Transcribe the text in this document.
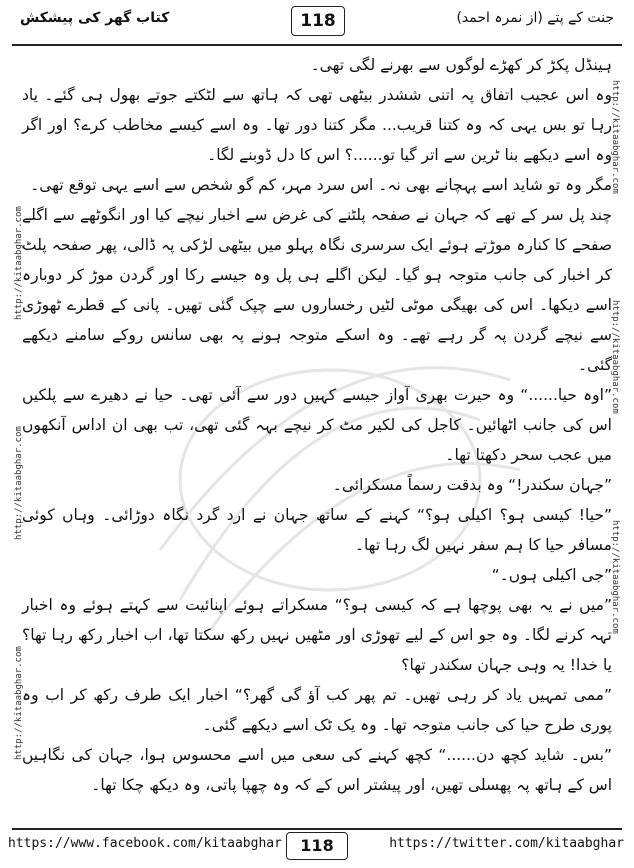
کتاب گھر کی پیشکش	118	جنت کے پتے (از نمرہ احمد)
http://kitaabghar.com
http://kitaabghar.com
http://kitaabghar.com
http://kitaabghar.com
http://kitaabghar.com
http://kitaabghar.com

ہینڈل پکڑ کر کھڑے لوگوں سے بھرنے لگی تھی۔

وہ اس عجیب اتفاق پہ اتنی ششدر بیٹھی تھی کہ ہاتھ سے لٹکتے جوتے بھول ہی گئے۔ یاد رہا تو بس یہی کہ وہ کتنا قریب... مگر کتنا دور تھا۔ وہ اسے کیسے مخاطب کرے؟ اور اگر وہ اسے دیکھے بنا ٹرین سے اتر گیا تو......؟ اس کا دل ڈوبنے لگا۔

مگر وہ تو شاید اسے پہچانے بھی نہ۔ اس سرد مہر، کم گو شخص سے اسے یہی توقع تھی۔

چند پل سر کے تھے کہ جہان نے صفحہ پلٹنے کی غرض سے اخبار نیچے کیا اور انگوٹھے سے اگلے صفحے کا کنارہ موڑتے ہوئے ایک سرسری نگاہ پہلو میں بیٹھی لڑکی پہ ڈالی، پھر صفحہ پلٹ کر اخبار کی جانب متوجہ ہو گیا۔ لیکن اگلے ہی پل وہ جیسے رکا اور گردن موڑ کر دوبارہ اسے دیکھا۔ اس کی بھیگی موٹی لٹیں رخساروں سے چپک گئی تھیں۔ پانی کے قطرے ٹھوڑی سے نیچے گردن پہ گر رہے تھے۔ وہ اسکے متوجہ ہونے پہ بھی سانس روکے سامنے دیکھے گئی۔

”اوہ حیا......“ وہ حیرت بھری آواز جیسے کہیں دور سے آئی تھی۔ حیا نے دھیرے سے پلکیں اس کی جانب اٹھائیں۔ کاجل کی لکیر مٹ کر نیچے بہہ گئی تھی، تب بھی ان اداس آنکھوں میں عجب سحر دکھتا تھا۔

”جہان سکندر!“ وہ بدقت رسماً مسکرائی۔

”حیا! کیسی ہو؟ اکیلی ہو؟“ کہنے کے ساتھ جہان نے ارد گرد نگاہ دوڑائی۔ وہاں کوئی مسافر حیا کا ہم سفر نہیں لگ رہا تھا۔

”جی اکیلی ہوں۔“

”میں نے یہ بھی پوچھا ہے کہ کیسی ہو؟“ مسکراتے ہوئے اپنائیت سے کہتے ہوئے وہ اخبار تہہ کرنے لگا۔ وہ جو اس کے لیے تھوڑی اور مٹھیں نہیں رکھ سکتا تھا، اب اخبار رکھ رہا تھا؟ یا خدا! یہ وہی جہان سکندر تھا؟

”ممی تمہیں یاد کر رہی تھیں۔ تم پھر کب آؤ گی گھر؟“ اخبار ایک طرف رکھ کر اب وہ پوری طرح حیا کی جانب متوجہ تھا۔ وہ یک ٹک اسے دیکھے گئی۔

”بس۔ شاید کچھ دن......“ کچھ کہنے کی سعی میں اسے محسوس ہوا، جہان کی نگاہیں اس کے ہاتھ پہ پھسلی تھیں، اور پیشتر اس کے کہ وہ چھپا پاتی، وہ دیکھ چکا تھا۔

https://www.facebook.com/kitaabghar	118	https://twitter.com/kitaabghar
